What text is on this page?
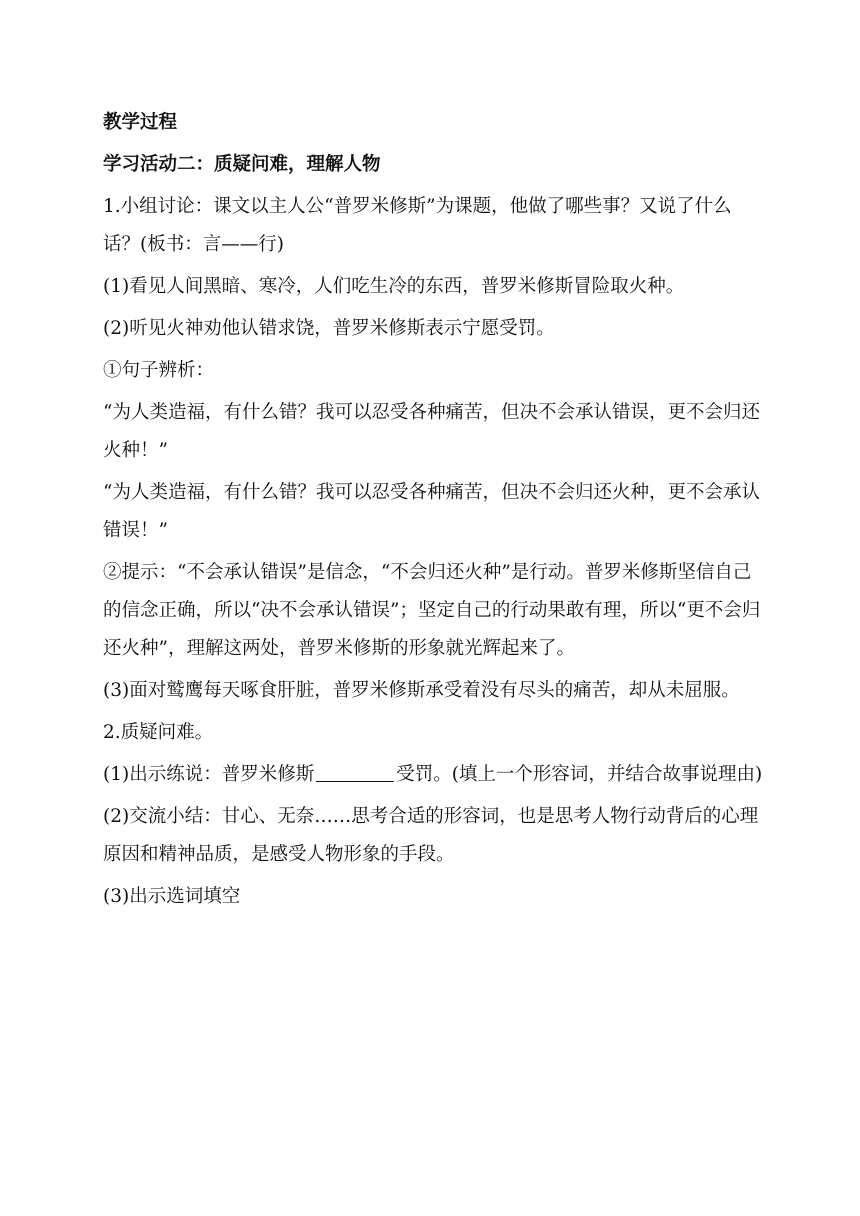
教学过程

学习活动二：质疑问难，理解人物

1.小组讨论：课文以主人公“普罗米修斯”为课题，他做了哪些事？又说了什么话？(板书：言——行)

(1)看见人间黑暗、寒冷，人们吃生冷的东西，普罗米修斯冒险取火种。

(2)听见火神劝他认错求饶，普罗米修斯表示宁愿受罚。

①句子辨析：

“为人类造福，有什么错？我可以忍受各种痛苦，但决不会承认错误，更不会归还火种！”

“为人类造福，有什么错？我可以忍受各种痛苦，但决不会归还火种，更不会承认错误！”

②提示：“不会承认错误”是信念，“不会归还火种”是行动。普罗米修斯坚信自己的信念正确，所以“决不会承认错误”；坚定自己的行动果敢有理，所以“更不会归还火种”，理解这两处，普罗米修斯的形象就光辉起来了。

(3)面对鹫鹰每天啄食肝脏，普罗米修斯承受着没有尽头的痛苦，却从未屈服。

2.质疑问难。

(1)出示练说：普罗米修斯	受罚。(填上一个形容词，并结合故事说理由)

(2)交流小结：甘心、无奈……思考合适的形容词，也是思考人物行动背后的心理原因和精神品质，是感受人物形象的手段。

(3)出示选词填空
